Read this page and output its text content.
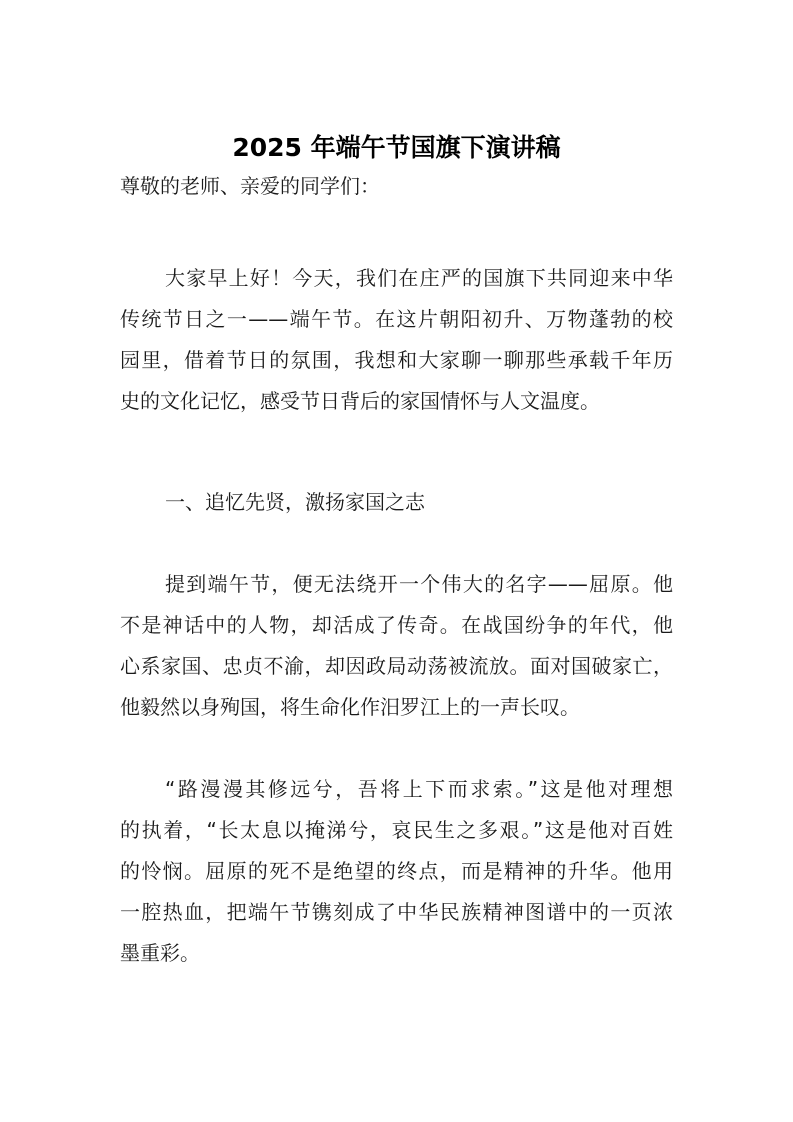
2025 年端午节国旗下演讲稿
尊敬的老师、亲爱的同学们：
大家早上好！今天，我们在庄严的国旗下共同迎来中华
传统节日之一——端午节。在这片朝阳初升、万物蓬勃的校
园里，借着节日的氛围，我想和大家聊一聊那些承载千年历
史的文化记忆，感受节日背后的家国情怀与人文温度。
一、追忆先贤，激扬家国之志
提到端午节，便无法绕开一个伟大的名字——屈原。他
不是神话中的人物，却活成了传奇。在战国纷争的年代，他
心系家国、忠贞不渝，却因政局动荡被流放。面对国破家亡，
他毅然以身殉国，将生命化作汨罗江上的一声长叹。
“路漫漫其修远兮，吾将上下而求索。”这是他对理想
的执着，“长太息以掩涕兮，哀民生之多艰。”这是他对百姓
的怜悯。屈原的死不是绝望的终点，而是精神的升华。他用
一腔热血，把端午节镌刻成了中华民族精神图谱中的一页浓
墨重彩。
